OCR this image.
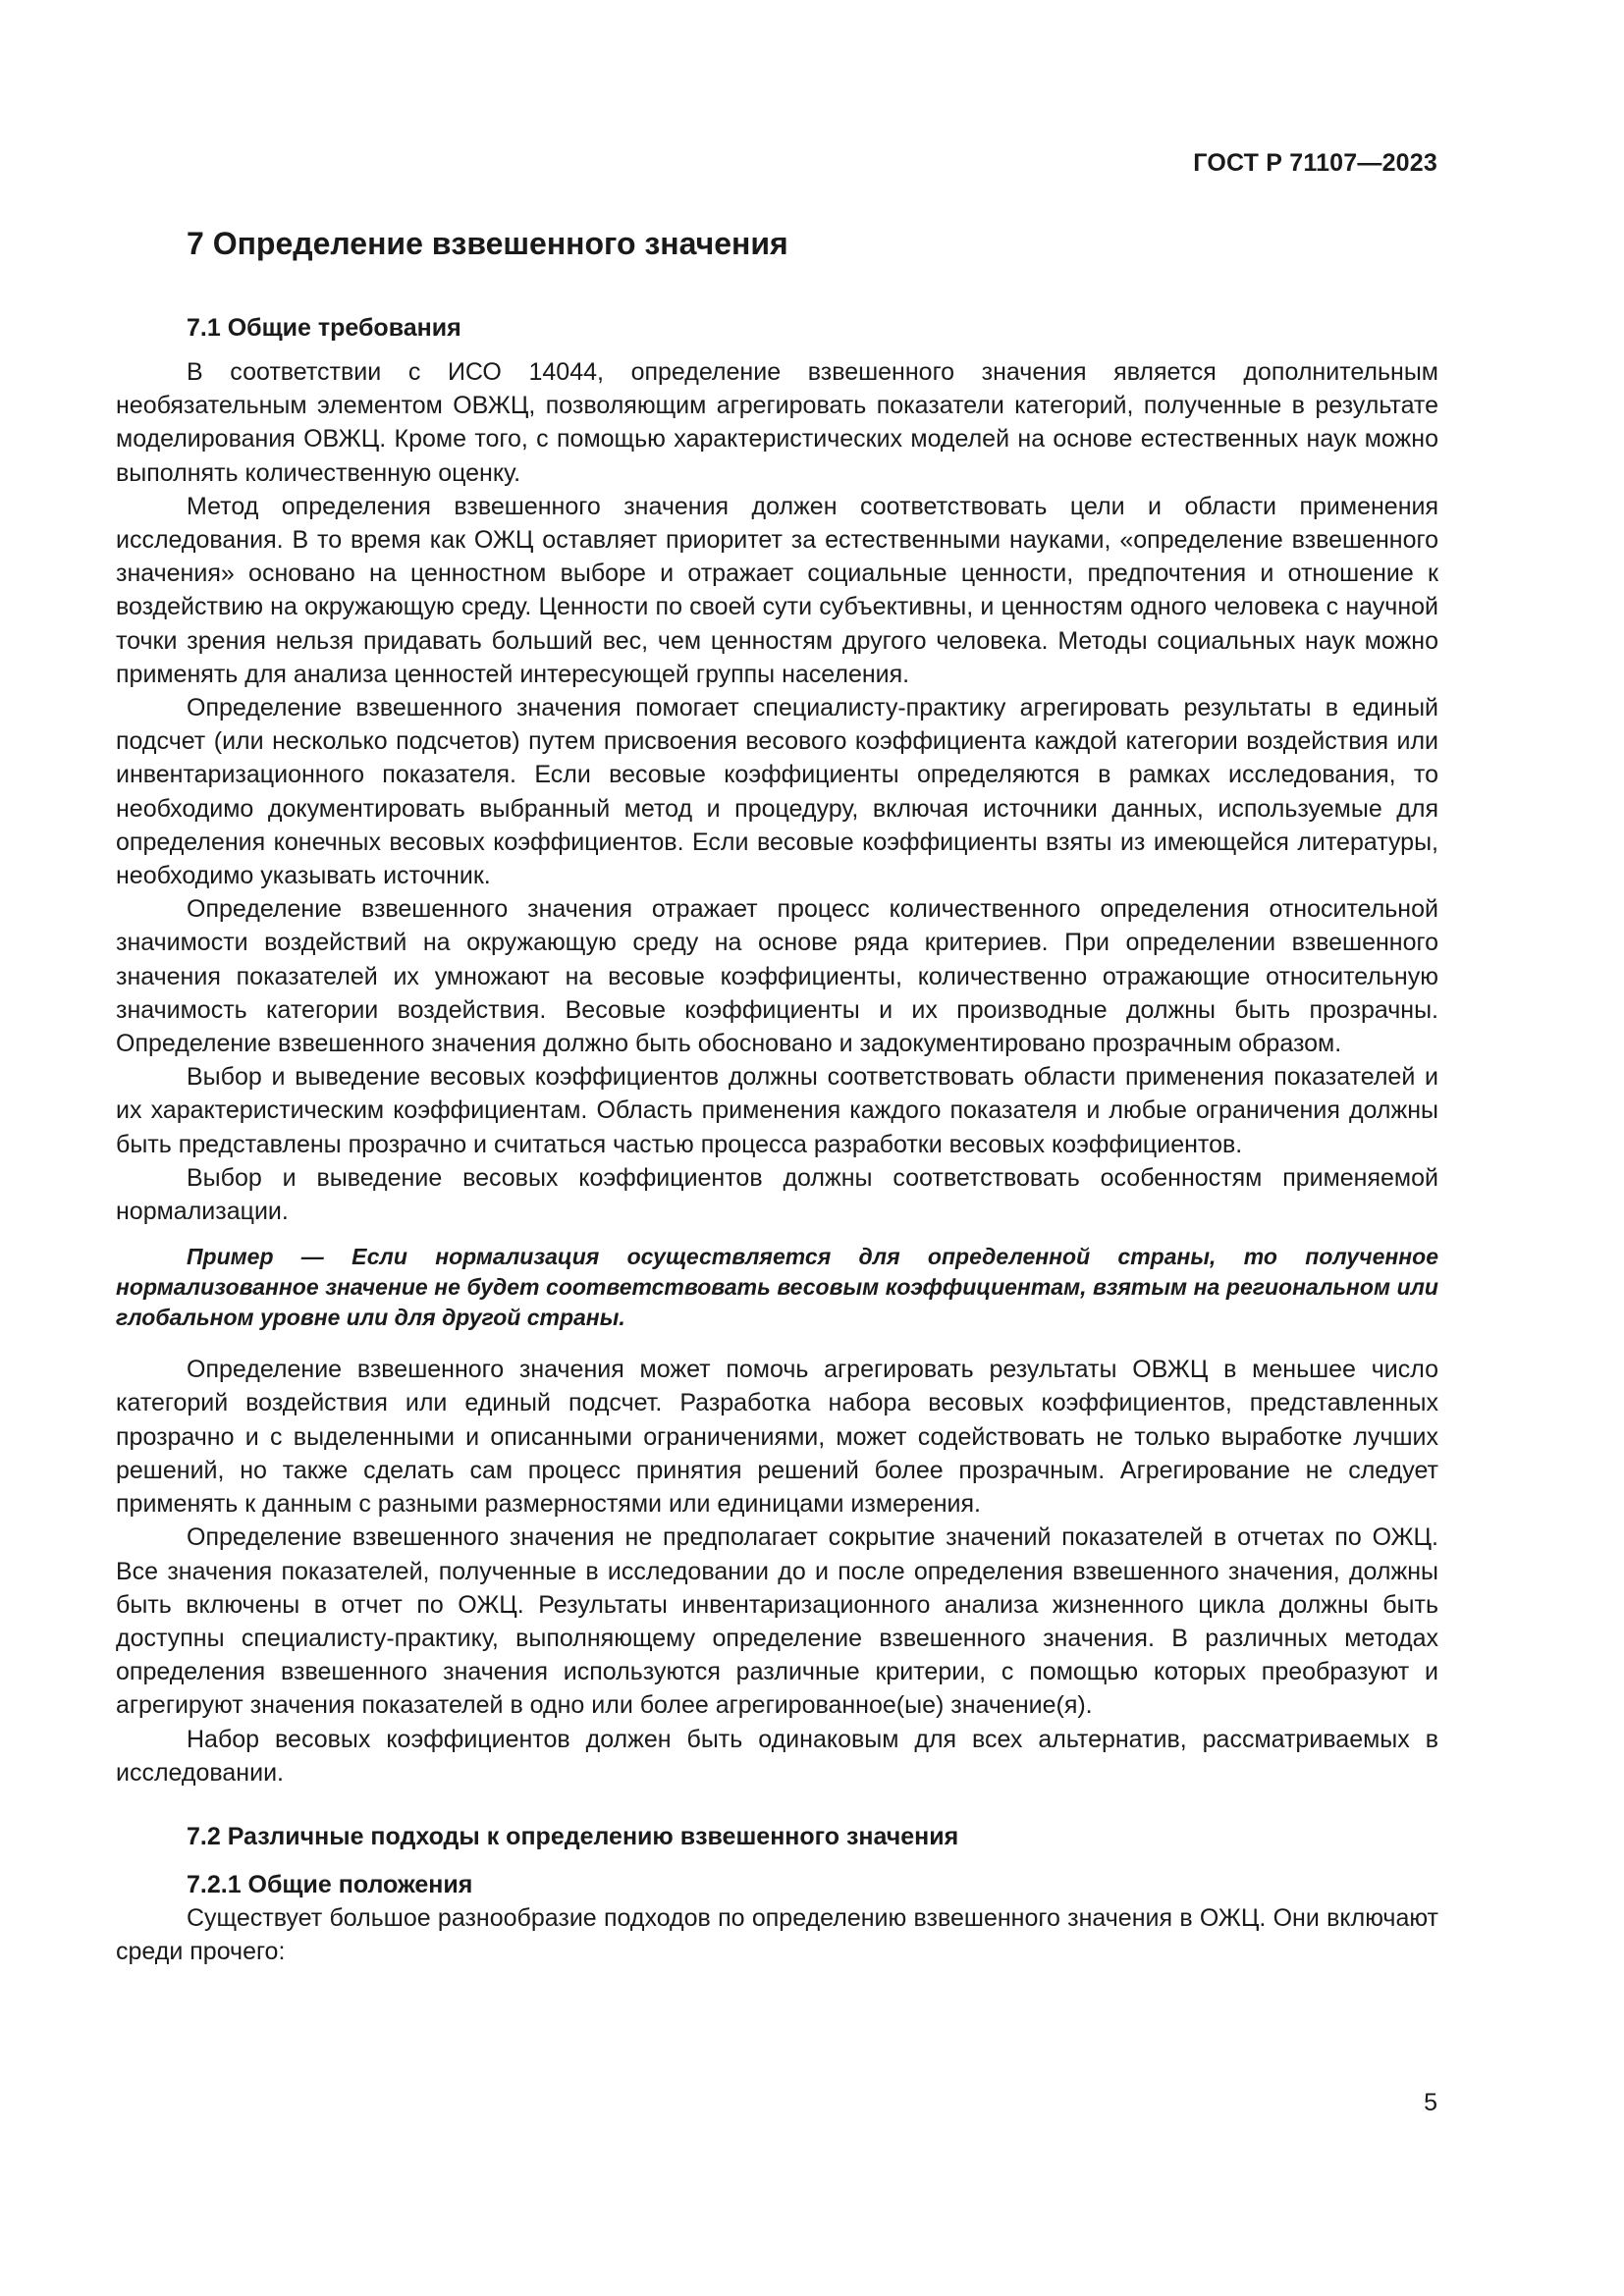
ГОСТ Р 71107—2023
7 Определение взвешенного значения
7.1 Общие требования

В соответствии с ИСО 14044, определение взвешенного значения является дополнительным необязательным элементом ОВЖЦ, позволяющим агрегировать показатели категорий, полученные в результате моделирования ОВЖЦ. Кроме того, с помощью характеристических моделей на основе естественных наук можно выполнять количественную оценку.

Метод определения взвешенного значения должен соответствовать цели и области применения исследования. В то время как ОЖЦ оставляет приоритет за естественными науками, «определение взвешенного значения» основано на ценностном выборе и отражает социальные ценности, предпочтения и отношение к воздействию на окружающую среду. Ценности по своей сути субъективны, и ценностям одного человека с научной точки зрения нельзя придавать больший вес, чем ценностям другого человека. Методы социальных наук можно применять для анализа ценностей интересующей группы населения.

Определение взвешенного значения помогает специалисту-практику агрегировать результаты в единый подсчет (или несколько подсчетов) путем присвоения весового коэффициента каждой категории воздействия или инвентаризационного показателя. Если весовые коэффициенты определяются в рамках исследования, то необходимо документировать выбранный метод и процедуру, включая источники данных, используемые для определения конечных весовых коэффициентов. Если весовые коэффициенты взяты из имеющейся литературы, необходимо указывать источник.

Определение взвешенного значения отражает процесс количественного определения относительной значимости воздействий на окружающую среду на основе ряда критериев. При определении взвешенного значения показателей их умножают на весовые коэффициенты, количественно отражающие относительную значимость категории воздействия. Весовые коэффициенты и их производные должны быть прозрачны. Определение взвешенного значения должно быть обосновано и задокументировано прозрачным образом.

Выбор и выведение весовых коэффициентов должны соответствовать области применения показателей и их характеристическим коэффициентам. Область применения каждого показателя и любые ограничения должны быть представлены прозрачно и считаться частью процесса разработки весовых коэффициентов.

Выбор и выведение весовых коэффициентов должны соответствовать особенностям применяемой нормализации.

Пример — Если нормализация осуществляется для определенной страны, то полученное нормализованное значение не будет соответствовать весовым коэффициентам, взятым на региональном или глобальном уровне или для другой страны.

Определение взвешенного значения может помочь агрегировать результаты ОВЖЦ в меньшее число категорий воздействия или единый подсчет. Разработка набора весовых коэффициентов, представленных прозрачно и с выделенными и описанными ограничениями, может содействовать не только выработке лучших решений, но также сделать сам процесс принятия решений более прозрачным. Агрегирование не следует применять к данным с разными размерностями или единицами измерения.

Определение взвешенного значения не предполагает сокрытие значений показателей в отчетах по ОЖЦ. Все значения показателей, полученные в исследовании до и после определения взвешенного значения, должны быть включены в отчет по ОЖЦ. Результаты инвентаризационного анализа жизненного цикла должны быть доступны специалисту-практику, выполняющему определение взвешенного значения. В различных методах определения взвешенного значения используются различные критерии, с помощью которых преобразуют и агрегируют значения показателей в одно или более агрегированное(ые) значение(я).

Набор весовых коэффициентов должен быть одинаковым для всех альтернатив, рассматриваемых в исследовании.

7.2 Различные подходы к определению взвешенного значения
7.2.1 Общие положения

Существует большое разнообразие подходов по определению взвешенного значения в ОЖЦ. Они включают среди прочего:

5
